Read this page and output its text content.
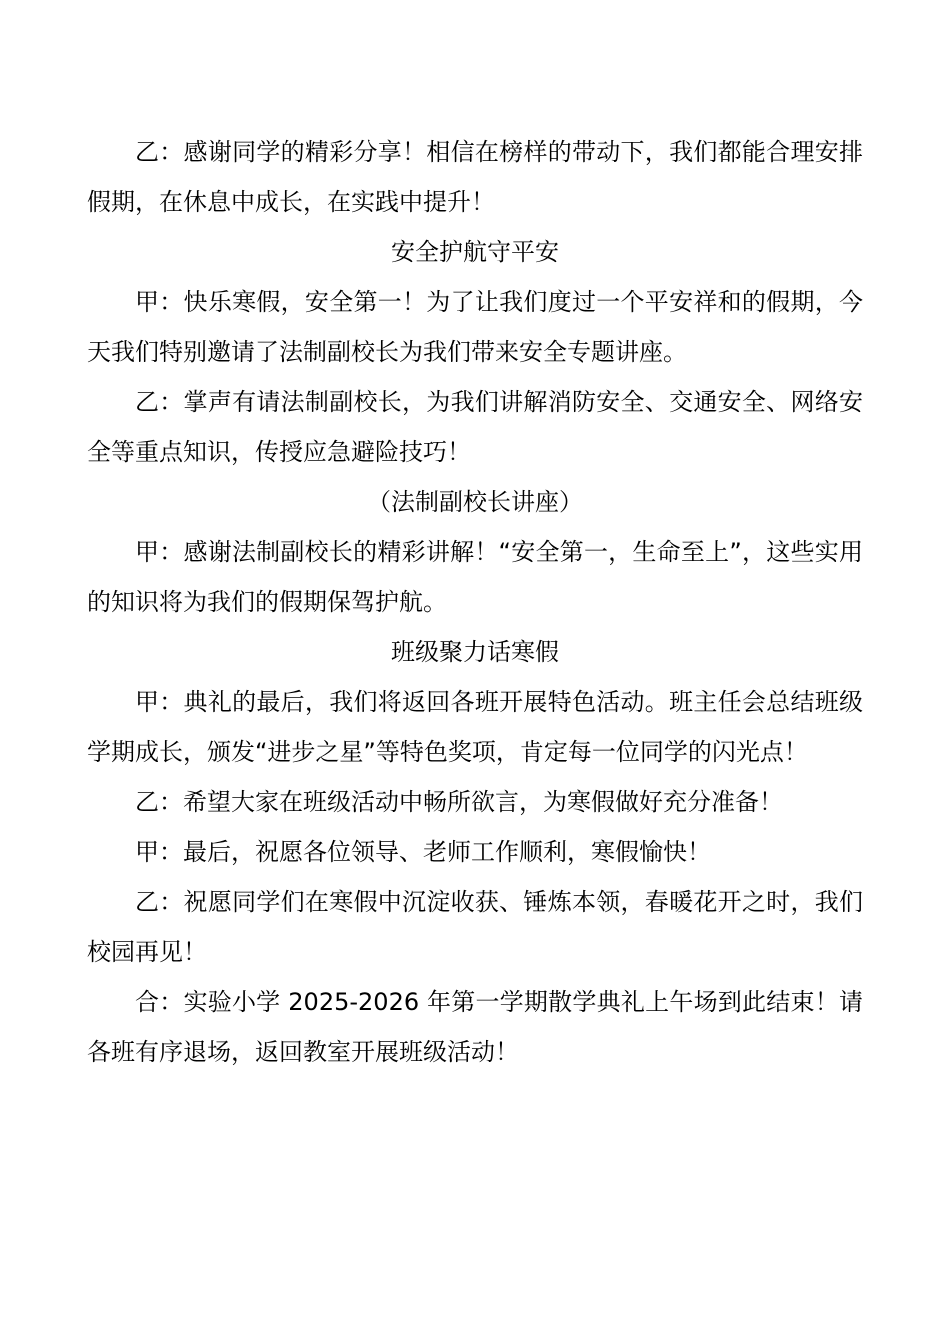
乙：感谢同学的精彩分享！相信在榜样的带动下，我们都能合理安排假期，在休息中成长，在实践中提升！

安全护航守平安

甲：快乐寒假，安全第一！为了让我们度过一个平安祥和的假期，今天我们特别邀请了法制副校长为我们带来安全专题讲座。

乙：掌声有请法制副校长，为我们讲解消防安全、交通安全、网络安全等重点知识，传授应急避险技巧！

（法制副校长讲座）

甲：感谢法制副校长的精彩讲解！“安全第一，生命至上”，这些实用的知识将为我们的假期保驾护航。

班级聚力话寒假

甲：典礼的最后，我们将返回各班开展特色活动。班主任会总结班级学期成长，颁发“进步之星”等特色奖项，肯定每一位同学的闪光点！

乙：希望大家在班级活动中畅所欲言，为寒假做好充分准备！

甲：最后，祝愿各位领导、老师工作顺利，寒假愉快！

乙：祝愿同学们在寒假中沉淀收获、锤炼本领，春暖花开之时，我们校园再见！

合：实验小学 2025-2026 年第一学期散学典礼上午场到此结束！请各班有序退场，返回教室开展班级活动！
